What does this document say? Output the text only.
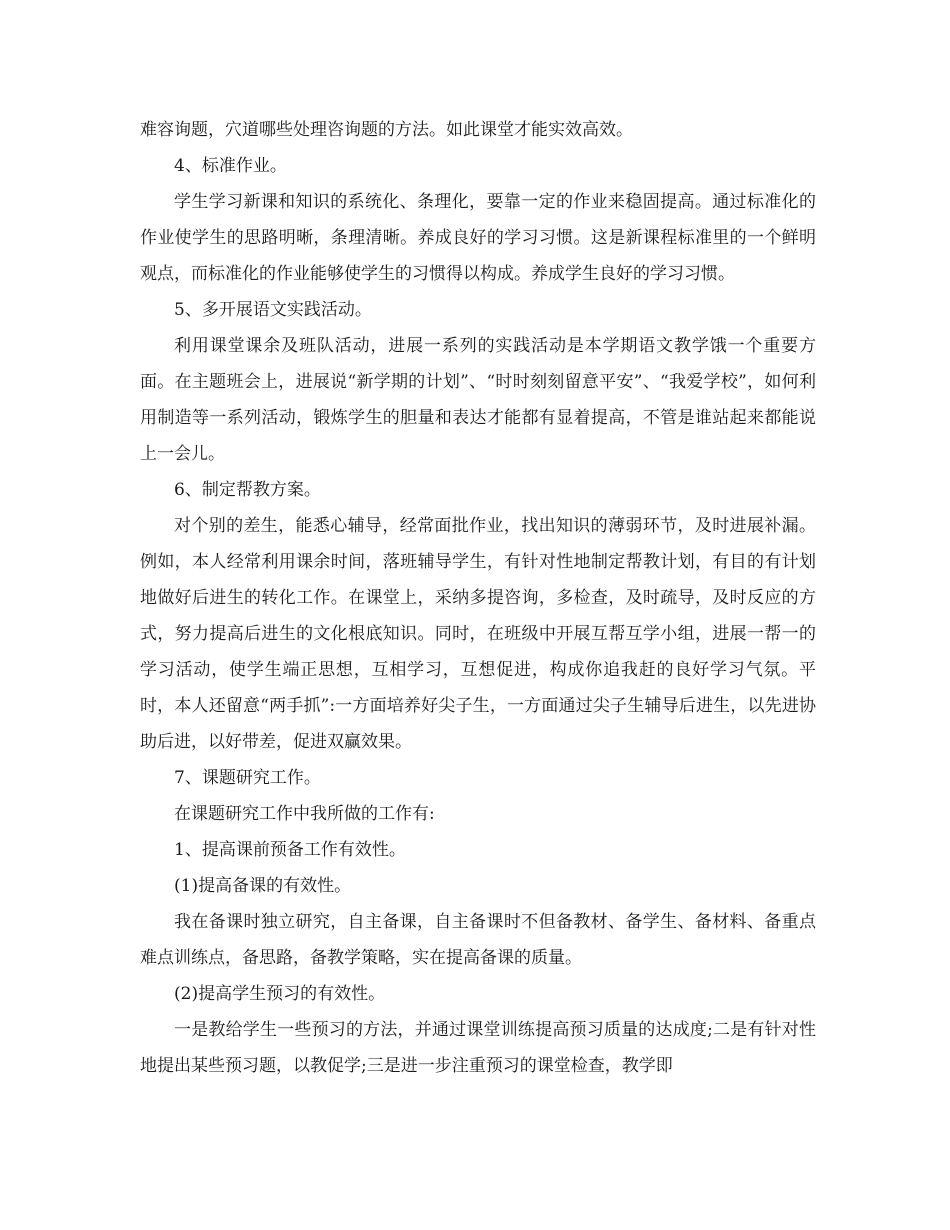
难容询题，穴道哪些处理咨询题的方法。如此课堂才能实效高效。

4、标准作业。

学生学习新课和知识的系统化、条理化，要靠一定的作业来稳固提高。通过标准化的作业使学生的思路明晰，条理清晰。养成良好的学习习惯。这是新课程标准里的一个鲜明观点，而标准化的作业能够使学生的习惯得以构成。养成学生良好的学习习惯。

5、多开展语文实践活动。

利用课堂课余及班队活动，进展一系列的实践活动是本学期语文教学饿一个重要方面。在主题班会上，进展说“新学期的计划”、“时时刻刻留意平安”、“我爱学校”，如何利用制造等一系列活动，锻炼学生的胆量和表达才能都有显着提高，不管是谁站起来都能说上一会儿。

6、制定帮教方案。

对个别的差生，能悉心辅导，经常面批作业，找出知识的薄弱环节，及时进展补漏。例如，本人经常利用课余时间，落班辅导学生，有针对性地制定帮教计划，有目的有计划地做好后进生的转化工作。在课堂上，采纳多提咨询，多检查，及时疏导，及时反应的方式，努力提高后进生的文化根底知识。同时，在班级中开展互帮互学小组，进展一帮一的学习活动，使学生端正思想，互相学习，互想促进，构成你追我赶的良好学习气氛。平时，本人还留意“两手抓”:一方面培养好尖子生，一方面通过尖子生辅导后进生，以先进协助后进，以好带差，促进双赢效果。

7、课题研究工作。

在课题研究工作中我所做的工作有:

1、提高课前预备工作有效性。

(1)提高备课的有效性。

我在备课时独立研究，自主备课，自主备课时不但备教材、备学生、备材料、备重点难点训练点，备思路，备教学策略，实在提高备课的质量。

(2)提高学生预习的有效性。

一是教给学生一些预习的方法，并通过课堂训练提高预习质量的达成度;二是有针对性地提出某些预习题，以教促学;三是进一步注重预习的课堂检查，教学即
